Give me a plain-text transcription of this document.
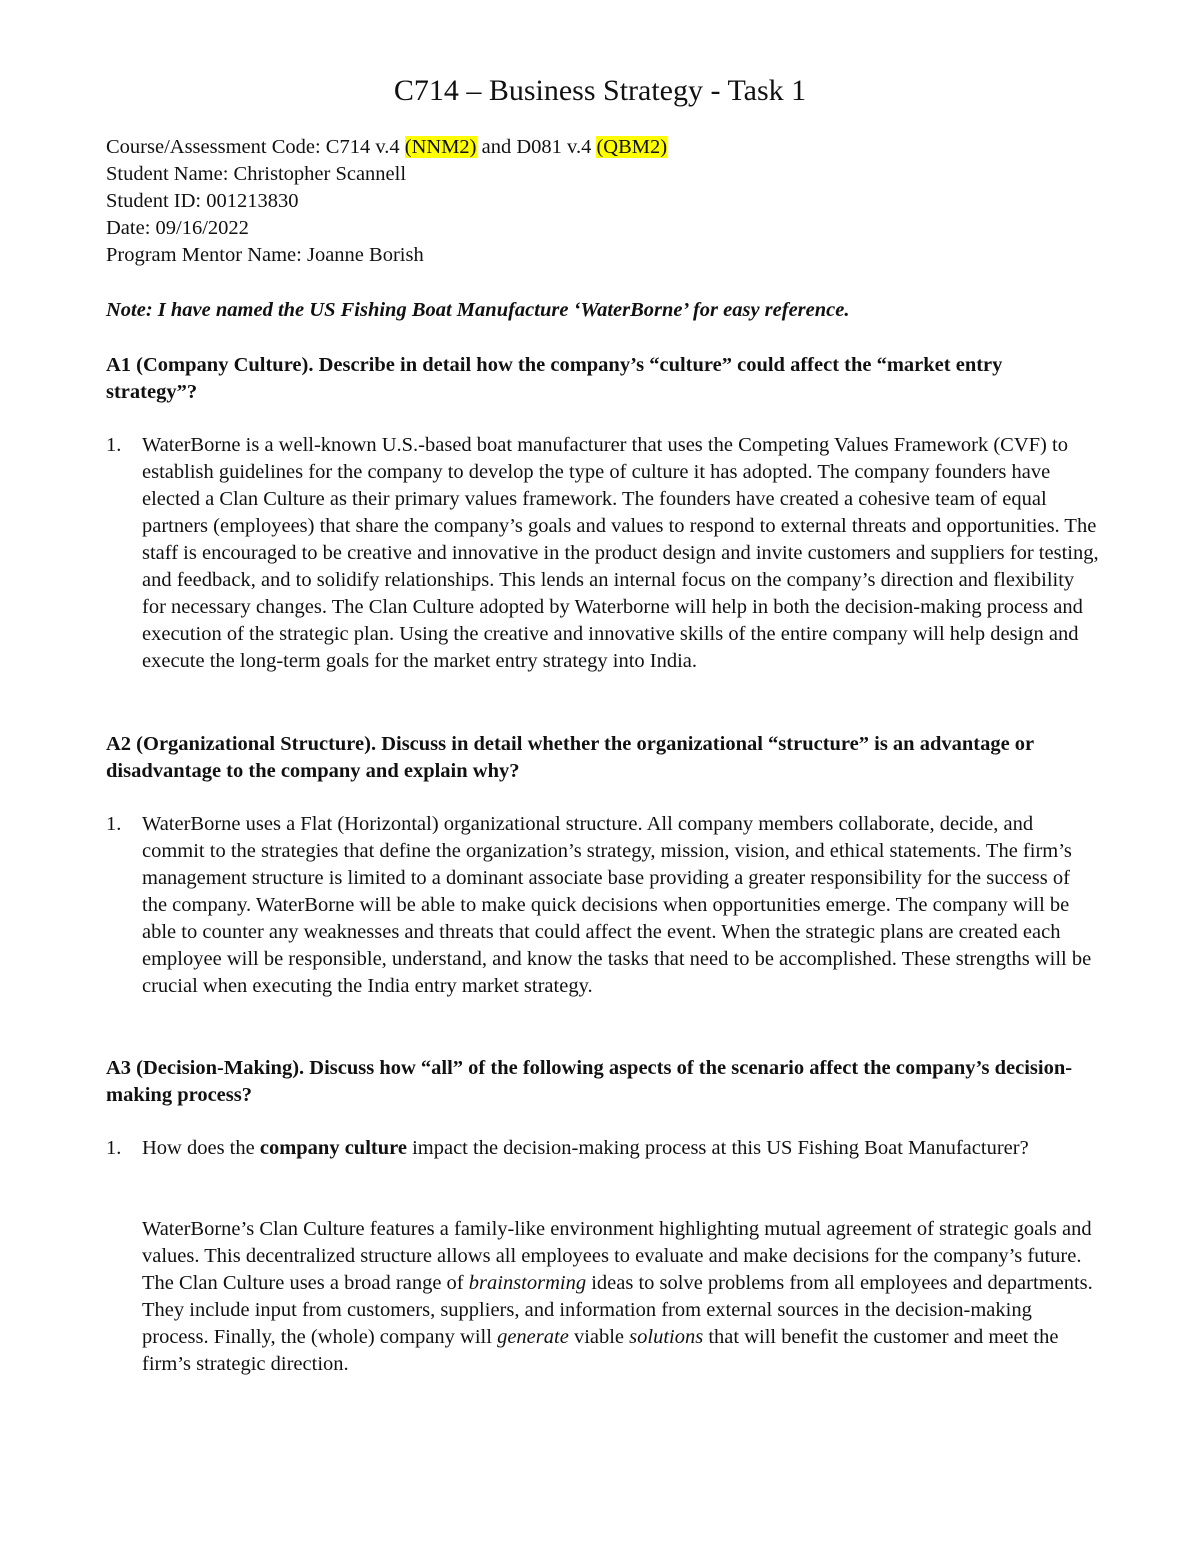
C714 – Business Strategy - Task 1
Course/Assessment Code: C714 v.4 (NNM2) and D081 v.4 (QBM2)
Student Name: Christopher Scannell
Student ID: 001213830
Date: 09/16/2022
Program Mentor Name: Joanne Borish
Note: I have named the US Fishing Boat Manufacture ‘WaterBorne’ for easy reference.
A1 (Company Culture). Describe in detail how the company’s “culture” could affect the “market entry strategy”?
1. WaterBorne is a well-known U.S.-based boat manufacturer that uses the Competing Values Framework (CVF) to establish guidelines for the company to develop the type of culture it has adopted. The company founders have elected a Clan Culture as their primary values framework. The founders have created a cohesive team of equal partners (employees) that share the company’s goals and values to respond to external threats and opportunities. The staff is encouraged to be creative and innovative in the product design and invite customers and suppliers for testing, and feedback, and to solidify relationships. This lends an internal focus on the company’s direction and flexibility for necessary changes. The Clan Culture adopted by Waterborne will help in both the decision-making process and execution of the strategic plan. Using the creative and innovative skills of the entire company will help design and execute the long-term goals for the market entry strategy into India.
A2 (Organizational Structure). Discuss in detail whether the organizational “structure” is an advantage or disadvantage to the company and explain why?
1. WaterBorne uses a Flat (Horizontal) organizational structure. All company members collaborate, decide, and commit to the strategies that define the organization’s strategy, mission, vision, and ethical statements. The firm’s management structure is limited to a dominant associate base providing a greater responsibility for the success of the company. WaterBorne will be able to make quick decisions when opportunities emerge. The company will be able to counter any weaknesses and threats that could affect the event. When the strategic plans are created each employee will be responsible, understand, and know the tasks that need to be accomplished. These strengths will be crucial when executing the India entry market strategy.
A3 (Decision-Making). Discuss how “all” of the following aspects of the scenario affect the company’s decision-making process?
1. How does the company culture impact the decision-making process at this US Fishing Boat Manufacturer?
WaterBorne’s Clan Culture features a family-like environment highlighting mutual agreement of strategic goals and values. This decentralized structure allows all employees to evaluate and make decisions for the company’s future. The Clan Culture uses a broad range of brainstorming ideas to solve problems from all employees and departments. They include input from customers, suppliers, and information from external sources in the decision-making process. Finally, the (whole) company will generate viable solutions that will benefit the customer and meet the firm’s strategic direction.
